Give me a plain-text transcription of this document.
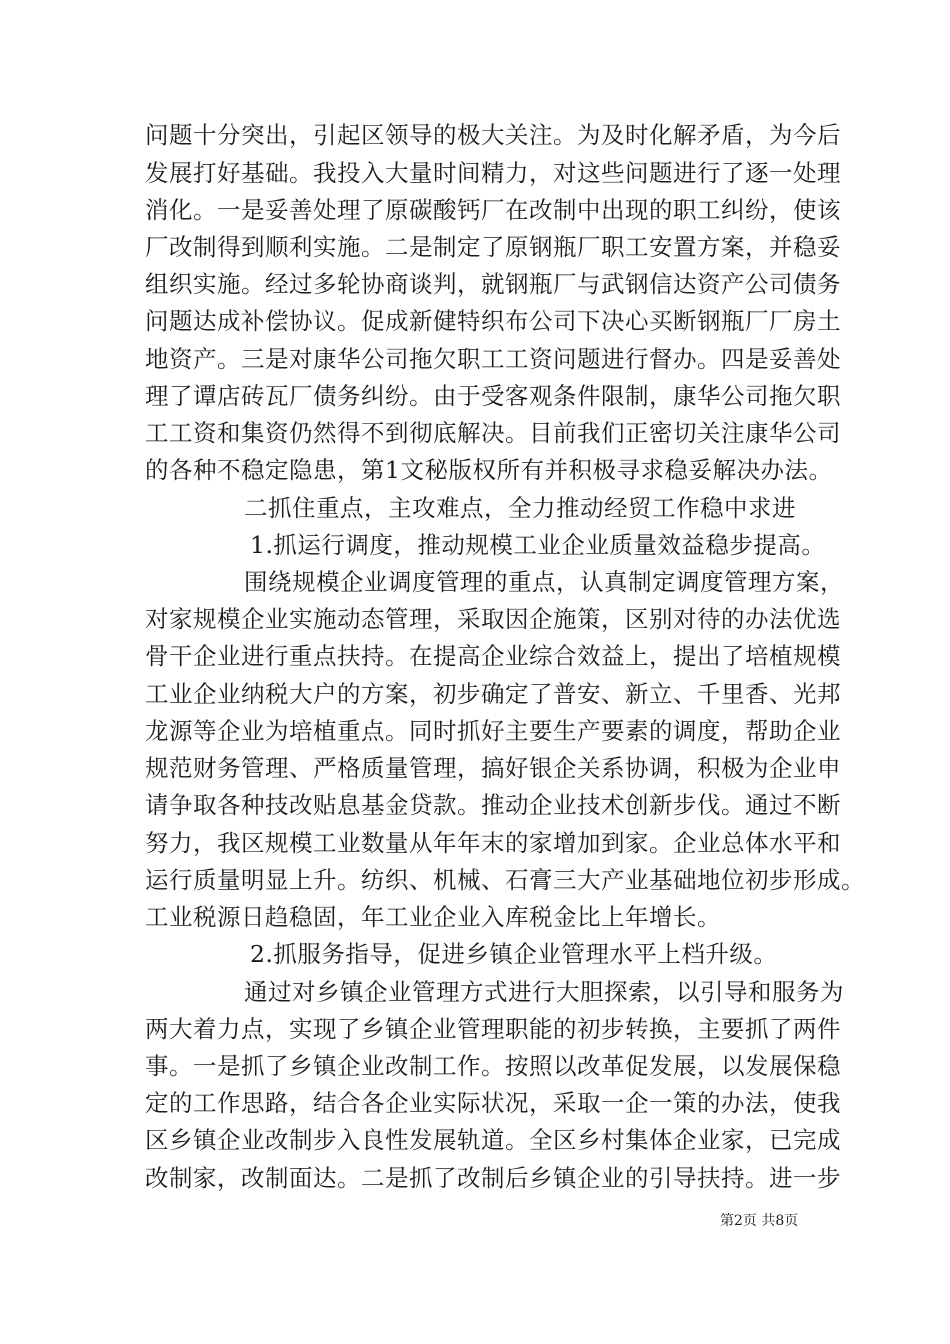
问题十分突出，引起区领导的极大关注。为及时化解矛盾，为今后
发展打好基础。我投入大量时间精力，对这些问题进行了逐一处理
消化。一是妥善处理了原碳酸钙厂在改制中出现的职工纠纷，使该
厂改制得到顺利实施。二是制定了原钢瓶厂职工安置方案，并稳妥
组织实施。经过多轮协商谈判，就钢瓶厂与武钢信达资产公司债务
问题达成补偿协议。促成新健特织布公司下决心买断钢瓶厂厂房土
地资产。三是对康华公司拖欠职工工资问题进行督办。四是妥善处
理了谭店砖瓦厂债务纠纷。由于受客观条件限制，康华公司拖欠职
工工资和集资仍然得不到彻底解决。目前我们正密切关注康华公司
的各种不稳定隐患，第1文秘版权所有并积极寻求稳妥解决办法。
二抓住重点，主攻难点，全力推动经贸工作稳中求进
1.抓运行调度，推动规模工业企业质量效益稳步提高。
围绕规模企业调度管理的重点，认真制定调度管理方案，
对家规模企业实施动态管理，采取因企施策，区别对待的办法优选
骨干企业进行重点扶持。在提高企业综合效益上，提出了培植规模
工业企业纳税大户的方案，初步确定了普安、新立、千里香、光邦
龙源等企业为培植重点。同时抓好主要生产要素的调度，帮助企业
规范财务管理、严格质量管理，搞好银企关系协调，积极为企业申
请争取各种技改贴息基金贷款。推动企业技术创新步伐。通过不断
努力，我区规模工业数量从年年末的家增加到家。企业总体水平和
运行质量明显上升。纺织、机械、石膏三大产业基础地位初步形成。
工业税源日趋稳固，年工业企业入库税金比上年增长。
2.抓服务指导，促进乡镇企业管理水平上档升级。
通过对乡镇企业管理方式进行大胆探索，以引导和服务为
两大着力点，实现了乡镇企业管理职能的初步转换，主要抓了两件
事。一是抓了乡镇企业改制工作。按照以改革促发展，以发展保稳
定的工作思路，结合各企业实际状况，采取一企一策的办法，使我
区乡镇企业改制步入良性发展轨道。全区乡村集体企业家，已完成
改制家，改制面达。二是抓了改制后乡镇企业的引导扶持。进一步
第2页 共8页
